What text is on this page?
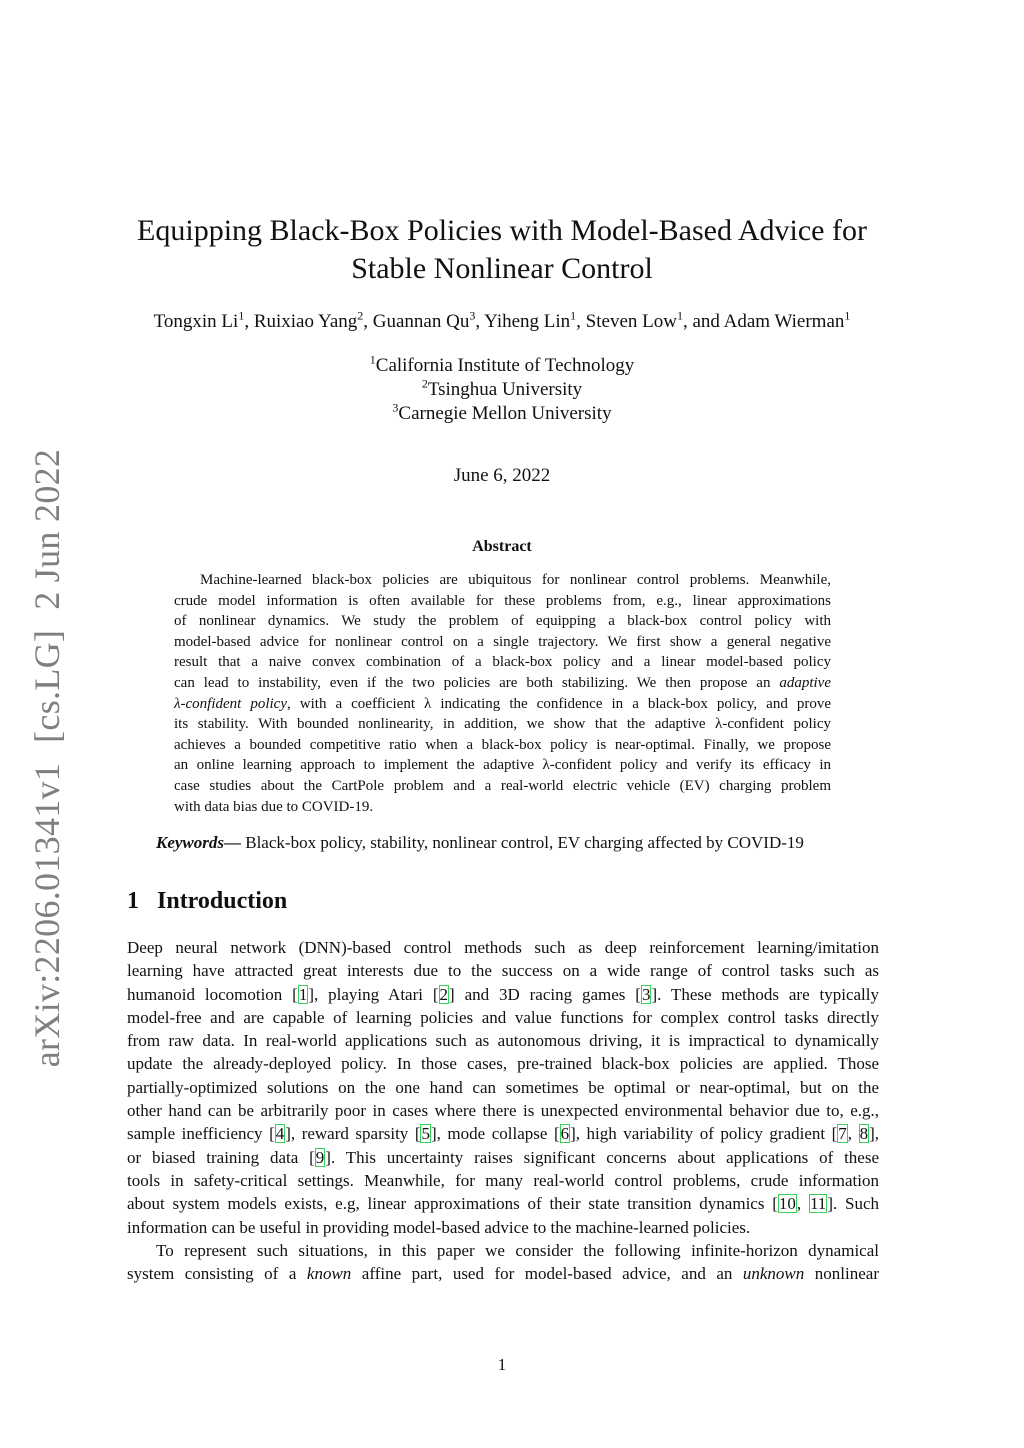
arXiv:2206.01341v1[cs.LG]2 Jun 2022
Equipping Black-Box Policies with Model-Based Advice for
Stable Nonlinear Control
Tongxin Li$^1$, Ruixiao Yang$^2$, Guannan Qu$^3$, Yiheng Lin$^1$, Steven Low$^1$, and Adam Wierman$^1$
$^1$California Institute of Technology
$^2$Tsinghua University
$^3$Carnegie Mellon University
June 6, 2022
Abstract
Machine-learned black-box policies are ubiquitous for nonlinear control problems. Meanwhile,
crude model information is often available for these problems from, e.g., linear approximations
of nonlinear dynamics. We study the problem of equipping a black-box control policy with
model-based advice for nonlinear control on a single trajectory. We first show a general negative
result that a naive convex combination of a black-box policy and a linear model-based policy
can lead to instability, even if the two policies are both stabilizing. We then propose an adaptive
λ-confident policy, with a coefficient λ indicating the confidence in a black-box policy, and prove
its stability. With bounded nonlinearity, in addition, we show that the adaptive λ-confident policy
achieves a bounded competitive ratio when a black-box policy is near-optimal. Finally, we propose
an online learning approach to implement the adaptive λ-confident policy and verify its efficacy in
case studies about the CartPole problem and a real-world electric vehicle (EV) charging problem
with data bias due to COVID-19.
Keywords— Black-box policy, stability, nonlinear control, EV charging affected by COVID-19
1 Introduction
Deep neural network (DNN)-based control methods such as deep reinforcement learning/imitation
learning have attracted great interests due to the success on a wide range of control tasks such as
humanoid locomotion [1], playing Atari [2] and 3D racing games [3]. These methods are typically
model-free and are capable of learning policies and value functions for complex control tasks directly
from raw data. In real-world applications such as autonomous driving, it is impractical to dynamically
update the already-deployed policy. In those cases, pre-trained black-box policies are applied. Those
partially-optimized solutions on the one hand can sometimes be optimal or near-optimal, but on the
other hand can be arbitrarily poor in cases where there is unexpected environmental behavior due to, e.g.,
sample inefficiency [4], reward sparsity [5], mode collapse [6], high variability of policy gradient [7, 8],
or biased training data [9]. This uncertainty raises significant concerns about applications of these
tools in safety-critical settings. Meanwhile, for many real-world control problems, crude information
about system models exists, e.g, linear approximations of their state transition dynamics [10, 11]. Such
information can be useful in providing model-based advice to the machine-learned policies.
To represent such situations, in this paper we consider the following infinite-horizon dynamical
system consisting of a known affine part, used for model-based advice, and an unknown nonlinear
1
